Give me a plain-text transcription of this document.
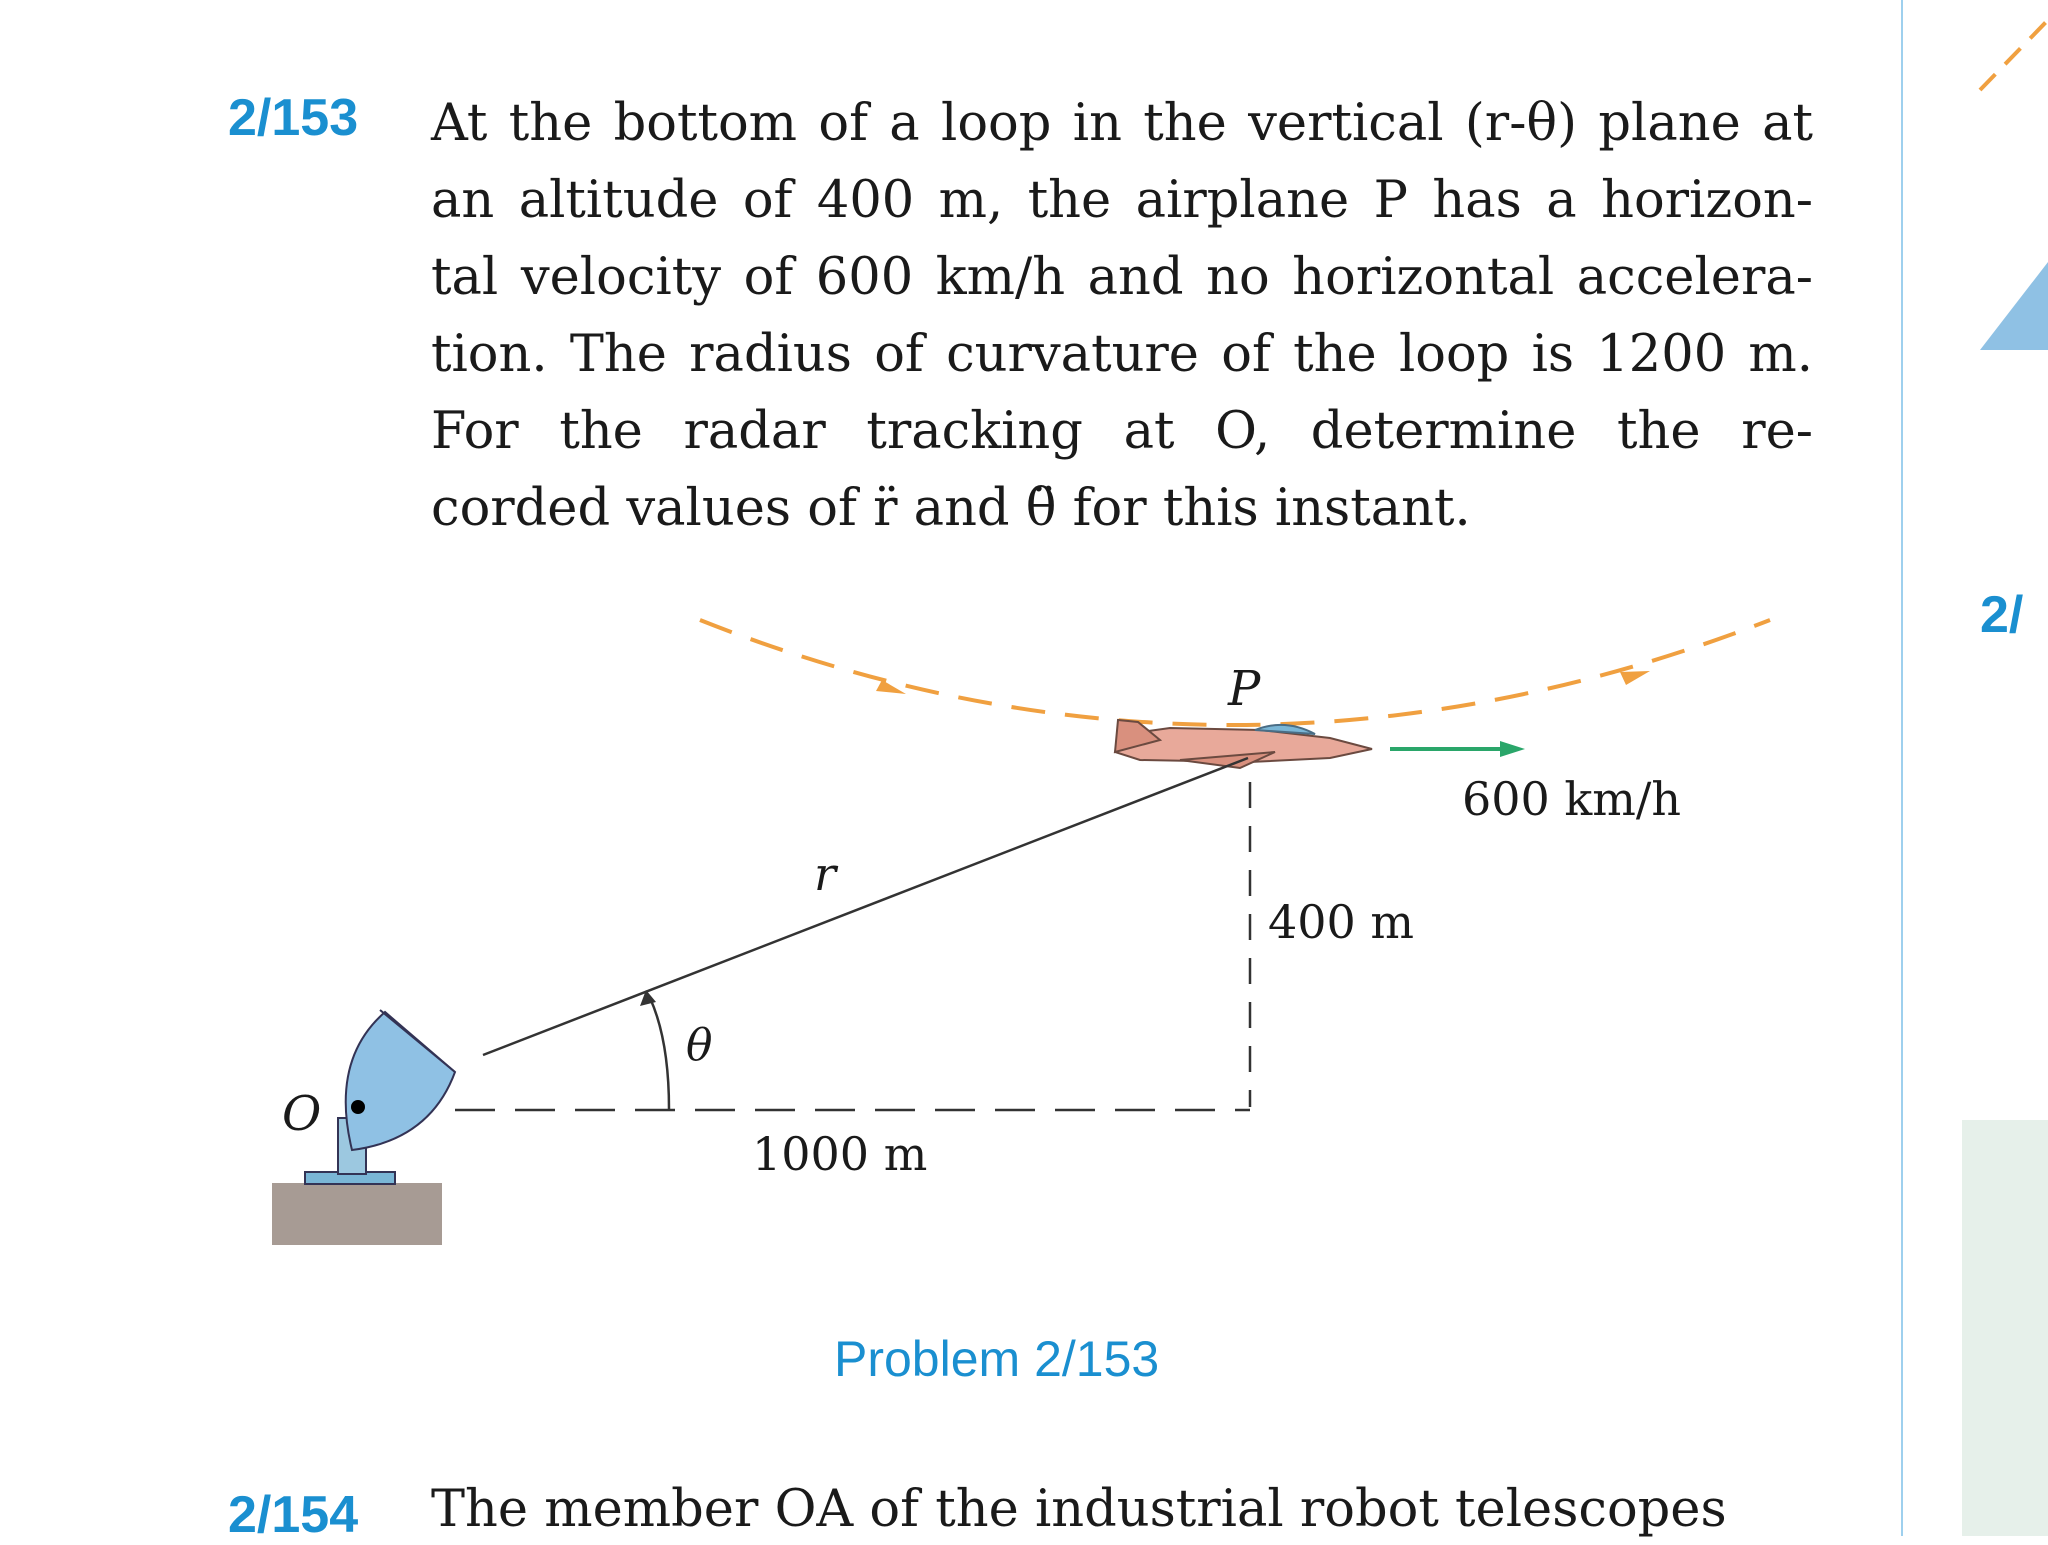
2/
2/153 At the bottom of a loop in the vertical (r-θ) plane at
an altitude of 400 m, the airplane P has a horizon-
tal velocity of 600 km/h and no horizontal accelera-
tion. The radius of curvature of the loop is 1200 m.
For the radar tracking at O, determine the re-
corded values of r̈ and θ̈ for this instant.
P
600 km/h
r
400 m
θ
O
1000 m
Problem 2/153
2/154 The member OA of the industrial robot telescopes
